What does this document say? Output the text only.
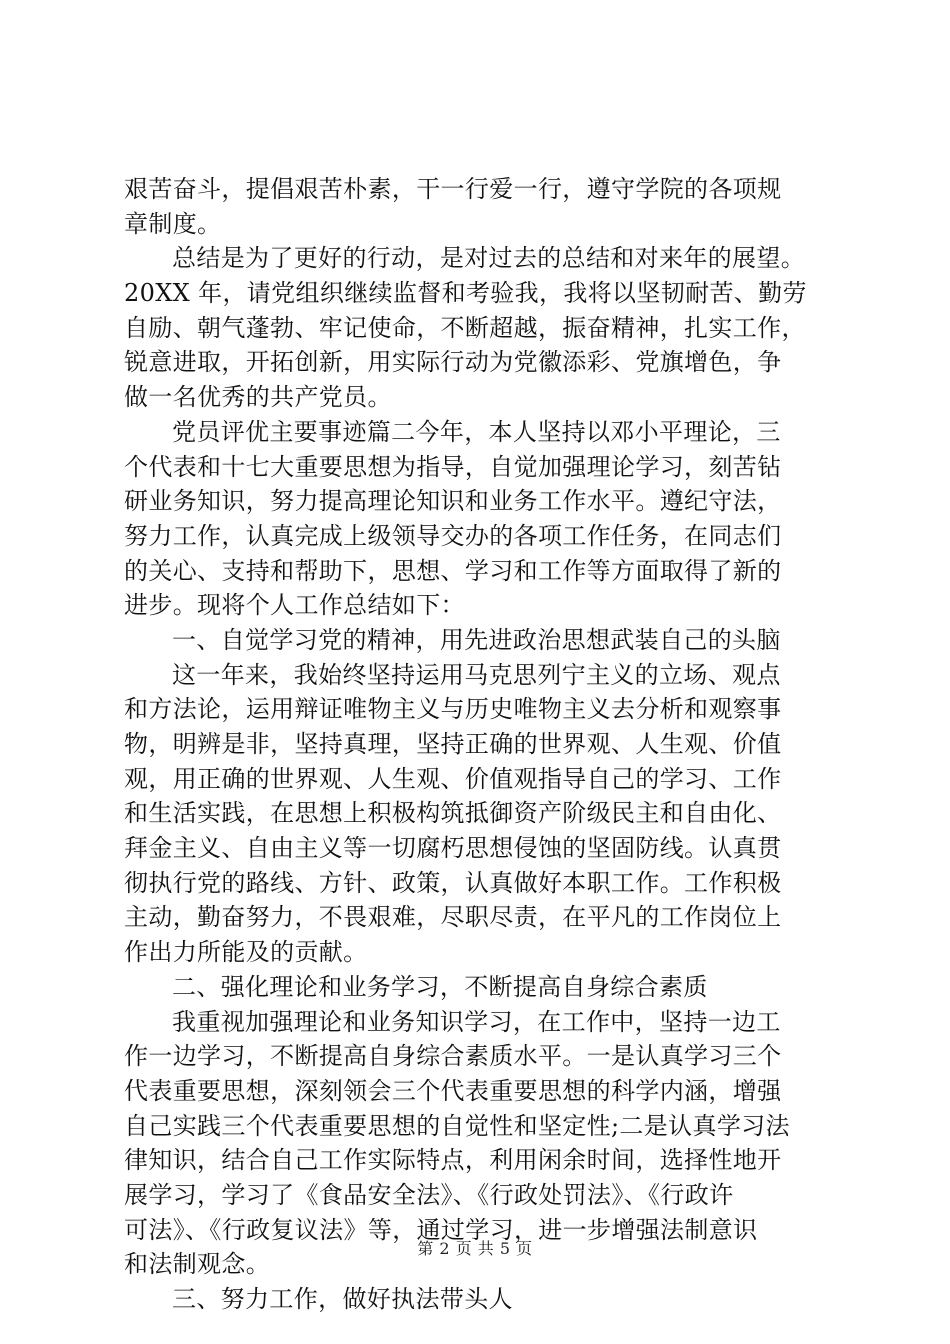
艰苦奋斗，提倡艰苦朴素，干一行爱一行，遵守学院的各项规
章制度。
总结是为了更好的行动，是对过去的总结和对来年的展望。
20XX 年，请党组织继续监督和考验我，我将以坚韧耐苦、勤劳
自励、朝气蓬勃、牢记使命，不断超越，振奋精神，扎实工作，
锐意进取，开拓创新，用实际行动为党徽添彩、党旗增色，争
做一名优秀的共产党员。
党员评优主要事迹篇二今年，本人坚持以邓小平理论，三
个代表和十七大重要思想为指导，自觉加强理论学习，刻苦钻
研业务知识，努力提高理论知识和业务工作水平。遵纪守法，
努力工作，认真完成上级领导交办的各项工作任务，在同志们
的关心、支持和帮助下，思想、学习和工作等方面取得了新的
进步。现将个人工作总结如下：
一、自觉学习党的精神，用先进政治思想武装自己的头脑
这一年来，我始终坚持运用马克思列宁主义的立场、观点
和方法论，运用辩证唯物主义与历史唯物主义去分析和观察事
物，明辨是非，坚持真理，坚持正确的世界观、人生观、价值
观，用正确的世界观、人生观、价值观指导自己的学习、工作
和生活实践，在思想上积极构筑抵御资产阶级民主和自由化、
拜金主义、自由主义等一切腐朽思想侵蚀的坚固防线。认真贯
彻执行党的路线、方针、政策，认真做好本职工作。工作积极
主动，勤奋努力，不畏艰难，尽职尽责，在平凡的工作岗位上
作出力所能及的贡献。
二、强化理论和业务学习，不断提高自身综合素质
我重视加强理论和业务知识学习，在工作中，坚持一边工
作一边学习，不断提高自身综合素质水平。一是认真学习三个
代表重要思想，深刻领会三个代表重要思想的科学内涵，增强
自己实践三个代表重要思想的自觉性和坚定性;二是认真学习法
律知识，结合自己工作实际特点，利用闲余时间，选择性地开
展学习，学习了《食品安全法》、《行政处罚法》、《行政许
可法》、《行政复议法》等，通过学习，进一步增强法制意识
和法制观念。
三、努力工作，做好执法带头人
第 2 页 共 5 页
